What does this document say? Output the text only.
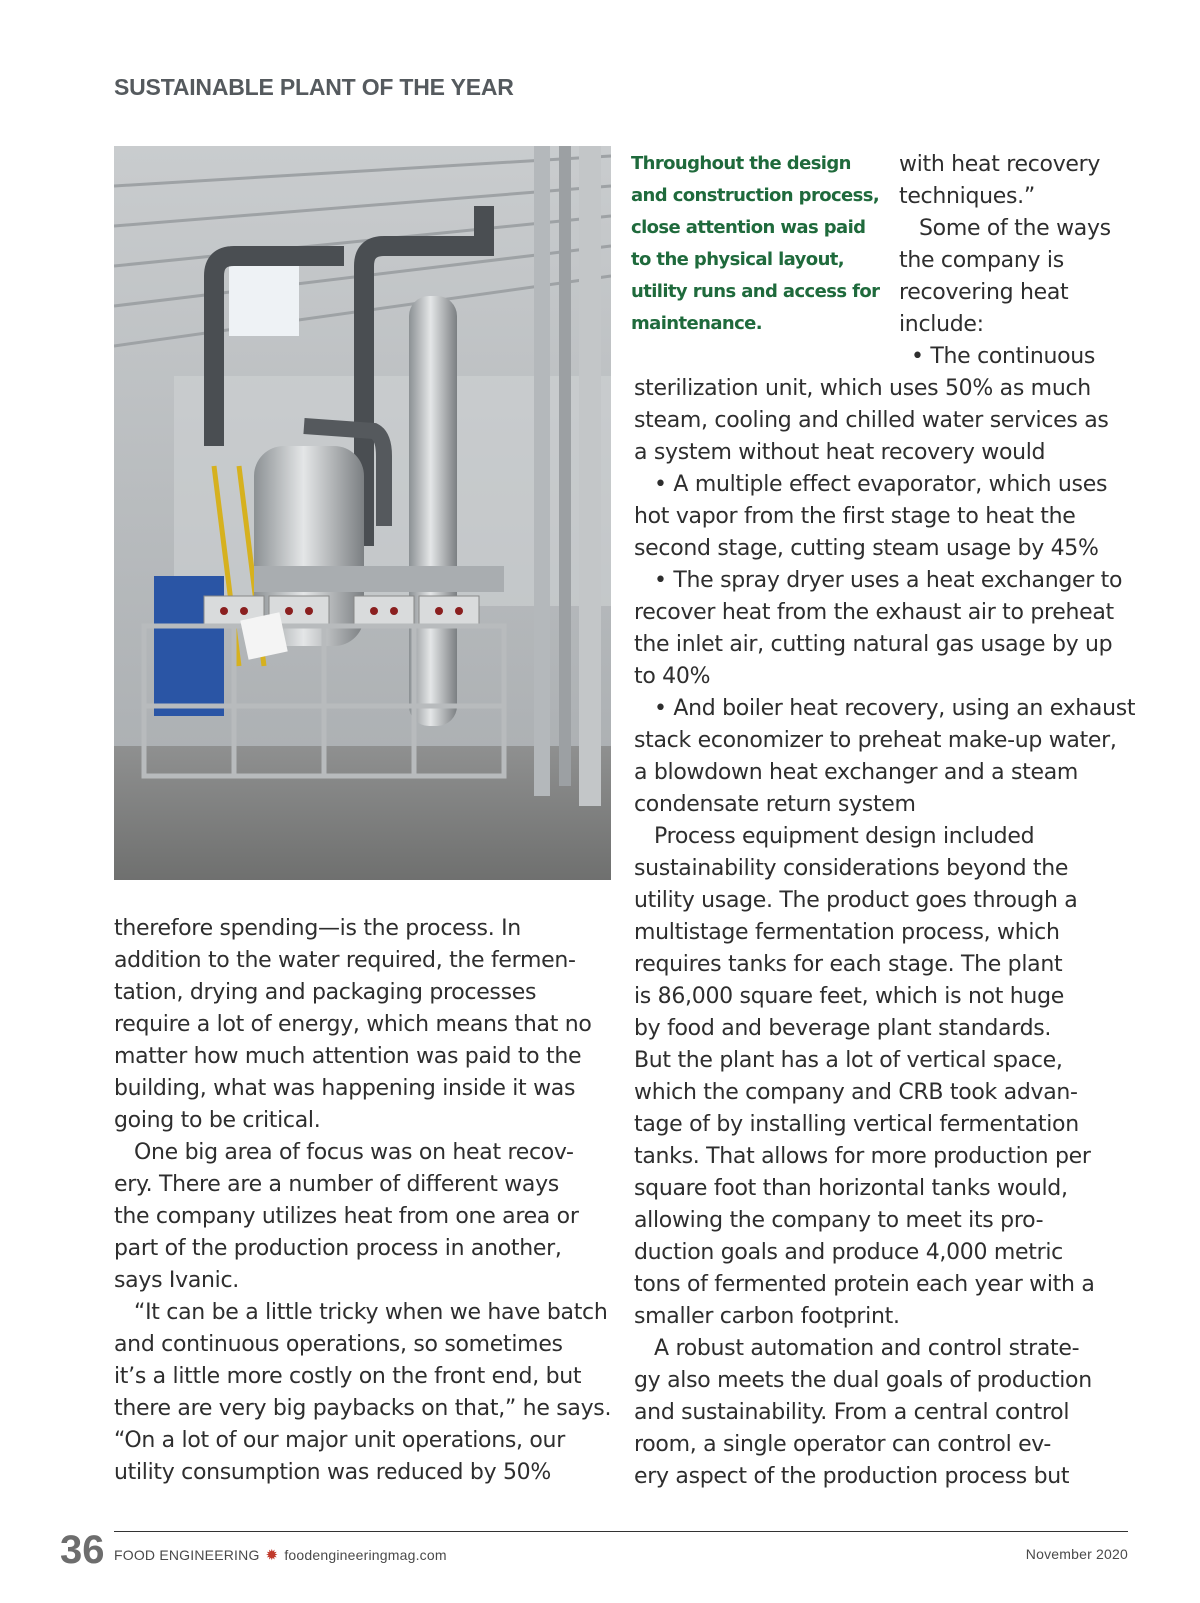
SUSTAINABLE PLANT OF THE YEAR
Throughout the design
and construction process,
close attention was paid
to the physical layout,
utility runs and access for
maintenance.
with heat recovery
techniques.”
Some of the ways
the company is
recovering heat
include:
• The continuous
sterilization unit, which uses 50% as much
steam, cooling and chilled water services as
a system without heat recovery would
• A multiple effect evaporator, which uses
hot vapor from the first stage to heat the
second stage, cutting steam usage by 45%
• The spray dryer uses a heat exchanger to
recover heat from the exhaust air to preheat
the inlet air, cutting natural gas usage by up
to 40%
• And boiler heat recovery, using an exhaust
stack economizer to preheat make-up water,
a blowdown heat exchanger and a steam
condensate return system
Process equipment design included
sustainability considerations beyond the
utility usage. The product goes through a
multistage fermentation process, which
requires tanks for each stage. The plant
is 86,000 square feet, which is not huge
by food and beverage plant standards.
But the plant has a lot of vertical space,
which the company and CRB took advan-
tage of by installing vertical fermentation
tanks. That allows for more production per
square foot than horizontal tanks would,
allowing the company to meet its pro-
duction goals and produce 4,000 metric
tons of fermented protein each year with a
smaller carbon footprint.
A robust automation and control strate-
gy also meets the dual goals of production
and sustainability. From a central control
room, a single operator can control ev-
ery aspect of the production process but
therefore spending—is the process. In
addition to the water required, the fermen-
tation, drying and packaging processes
require a lot of energy, which means that no
matter how much attention was paid to the
building, what was happening inside it was
going to be critical.
One big area of focus was on heat recov-
ery. There are a number of different ways
the company utilizes heat from one area or
part of the production process in another,
says Ivanic.
“It can be a little tricky when we have batch
and continuous operations, so sometimes
it’s a little more costly on the front end, but
there are very big paybacks on that,” he says.
“On a lot of our major unit operations, our
utility consumption was reduced by 50%
36 FOOD ENGINEERING ✹ foodengineeringmag.com	November 2020
